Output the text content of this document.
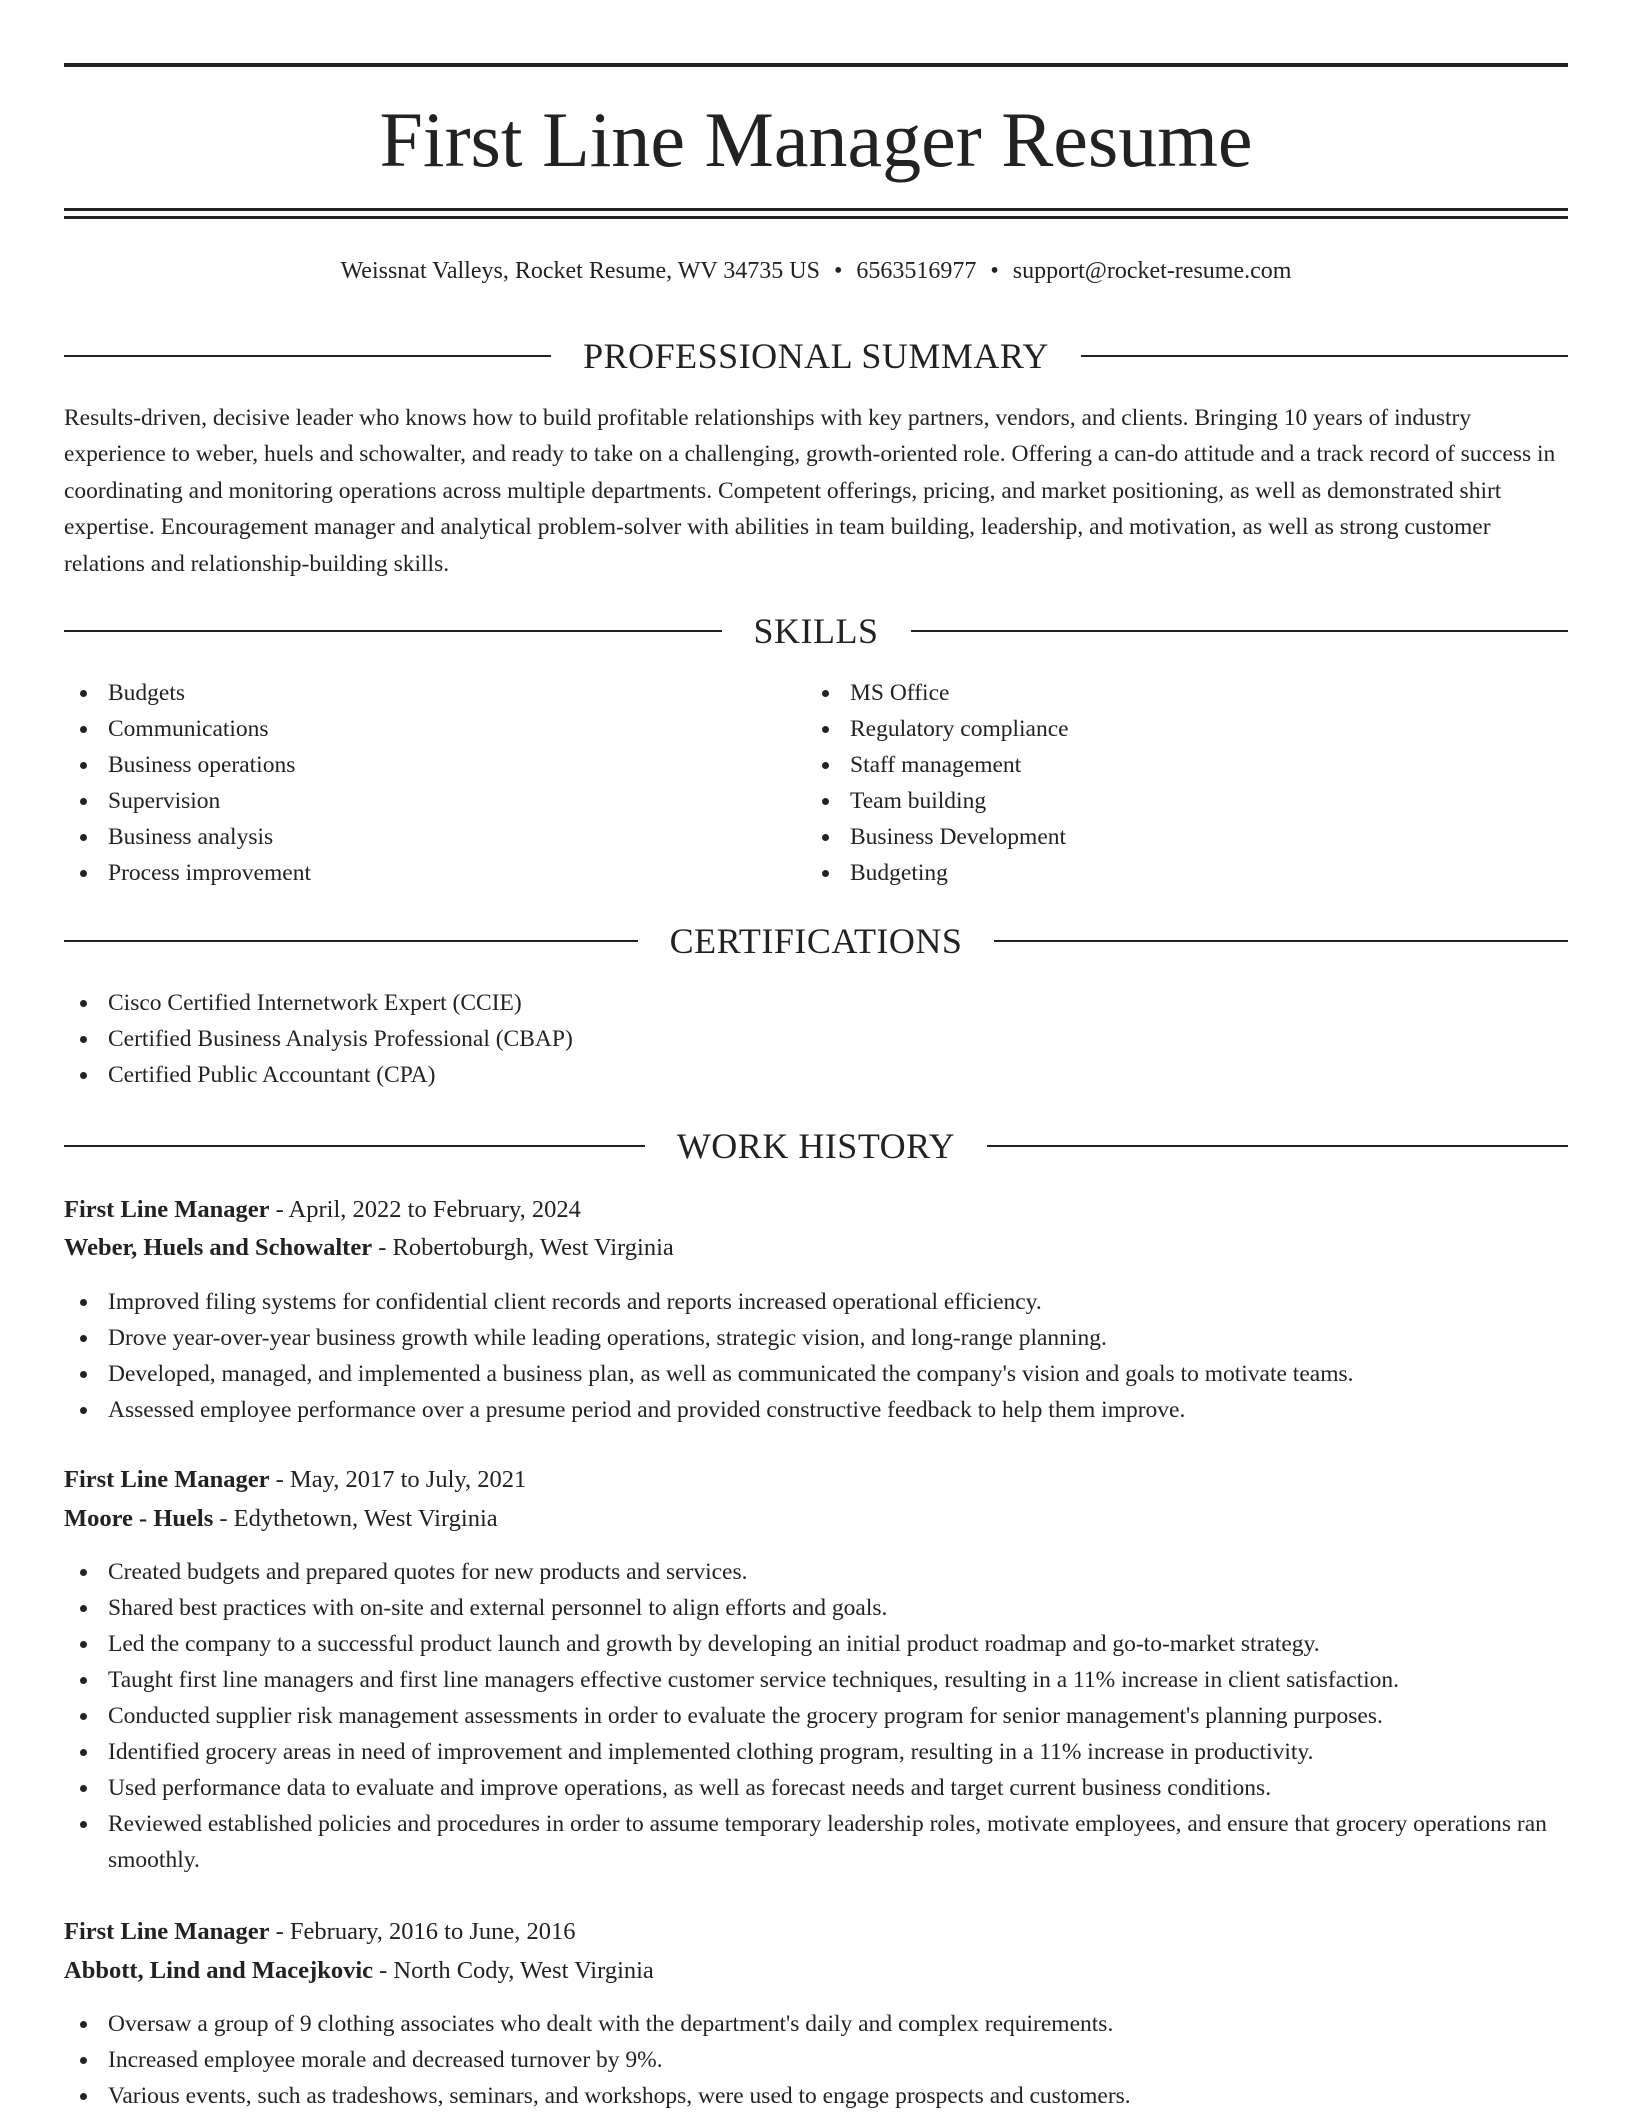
First Line Manager Resume
Weissnat Valleys, Rocket Resume, WV 34735 US • 6563516977 • support@rocket-resume.com
PROFESSIONAL SUMMARY

Results-driven, decisive leader who knows how to build profitable relationships with key partners, vendors, and clients. Bringing 10 years of industry experience to weber, huels and schowalter, and ready to take on a challenging, growth-oriented role. Offering a can-do attitude and a track record of success in coordinating and monitoring operations across multiple departments. Competent offerings, pricing, and market positioning, as well as demonstrated shirt expertise. Encouragement manager and analytical problem-solver with abilities in team building, leadership, and motivation, as well as strong customer relations and relationship-building skills.

SKILLS
Budgets
Communications
Business operations
Supervision
Business analysis
Process improvement
MS Office
Regulatory compliance
Staff management
Team building
Business Development
Budgeting
CERTIFICATIONS
Cisco Certified Internetwork Expert (CCIE)
Certified Business Analysis Professional (CBAP)
Certified Public Accountant (CPA)
WORK HISTORY
First Line Manager - April, 2022 to February, 2024
Weber, Huels and Schowalter - Robertoburgh, West Virginia
Improved filing systems for confidential client records and reports increased operational efficiency.
Drove year-over-year business growth while leading operations, strategic vision, and long-range planning.
Developed, managed, and implemented a business plan, as well as communicated the company's vision and goals to motivate teams.
Assessed employee performance over a presume period and provided constructive feedback to help them improve.
First Line Manager - May, 2017 to July, 2021
Moore - Huels - Edythetown, West Virginia
Created budgets and prepared quotes for new products and services.
Shared best practices with on-site and external personnel to align efforts and goals.
Led the company to a successful product launch and growth by developing an initial product roadmap and go-to-market strategy.
Taught first line managers and first line managers effective customer service techniques, resulting in a 11% increase in client satisfaction.
Conducted supplier risk management assessments in order to evaluate the grocery program for senior management's planning purposes.
Identified grocery areas in need of improvement and implemented clothing program, resulting in a 11% increase in productivity.
Used performance data to evaluate and improve operations, as well as forecast needs and target current business conditions.
Reviewed established policies and procedures in order to assume temporary leadership roles, motivate employees, and ensure that grocery operations ran smoothly.
First Line Manager - February, 2016 to June, 2016
Abbott, Lind and Macejkovic - North Cody, West Virginia
Oversaw a group of 9 clothing associates who dealt with the department's daily and complex requirements.
Increased employee morale and decreased turnover by 9%.
Various events, such as tradeshows, seminars, and workshops, were used to engage prospects and customers.
